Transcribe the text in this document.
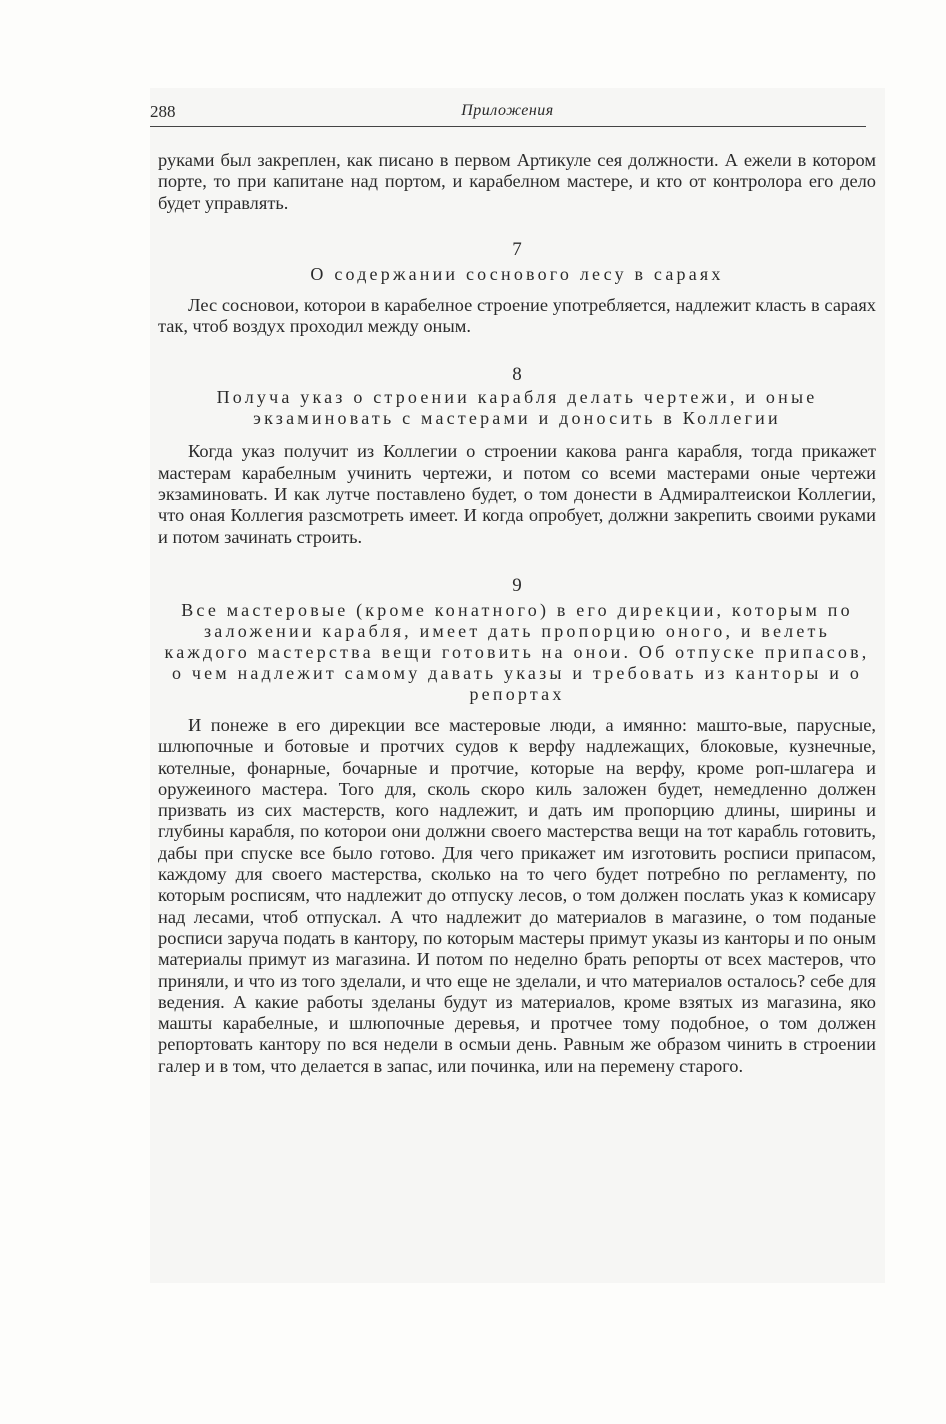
288	Приложения

руками был закреплен, как писано в первом Артикуле сея должности. А ежели в котором порте, то при капитане над портом, и карабелном мастере, и кто от контролора его дело будет управлять.

7
О содержании соснового лесу в сараях

Лес сосновои, которои в карабелное строение употребляется, надлежит класть в сараях так, чтоб воздух проходил между оным.

8
Получа указ о строении карабля делать чертежи, и оные экзаминовать с мастерами и доносить в Коллегии

Когда указ получит из Коллегии о строении какова ранга карабля, тогда прикажет мастерам карабелным учинить чертежи, и потом со всеми мастерами оные чертежи экзаминовать. И как лутче поставлено будет, о том донести в Адмиралтеискои Коллегии, что оная Коллегия разсмотреть имеет. И когда опробует, должни закрепить своими руками и потом зачинать строить.

9
Все мастеровые (кроме конатного) в его дирекции, которым по заложении карабля, имеет дать пропорцию оного, и велеть каждого мастерства вещи готовить на онои. Об отпуске припасов, о чем надлежит самому давать указы и требовать из канторы и о репортах

И понеже в его дирекции все мастеровые люди, а имянно: машто-вые, парусные, шлюпочные и ботовые и протчих судов к верфу надлежащих, блоковые, кузнечные, котелные, фонарные, бочарные и протчие, которые на верфу, кроме роп-шлагера и оружеиного мастера. Того для, сколь скоро киль заложен будет, немедленно должен призвать из сих мастерств, кого надлежит, и дать им пропорцию длины, ширины и глубины карабля, по которои они должни своего мастерства вещи на тот карабль готовить, дабы при спуске все было готово. Для чего прикажет им изготовить росписи припасом, каждому для своего мастерства, сколько на то чего будет потребно по регламенту, по которым росписям, что надлежит до отпуску лесов, о том должен послать указ к комисару над лесами, чтоб отпускал. А что надлежит до материалов в магазине, о том поданые росписи заруча подать в кантору, по которым мастеры примут указы из канторы и по оным материалы примут из магазина. И потом по неделно брать репорты от всех мастеров, что приняли, и что из того зделали, и что еще не зделали, и что материалов осталось? себе для ведения. А какие работы зделаны будут из материалов, кроме взятых из магазина, яко машты карабелные, и шлюпочные деревья, и протчее тому подобное, о том должен репортовать кантору по вся недели в осмыи день. Равным же образом чинить в строении галер и в том, что делается в запас, или починка, или на перемену старого.
